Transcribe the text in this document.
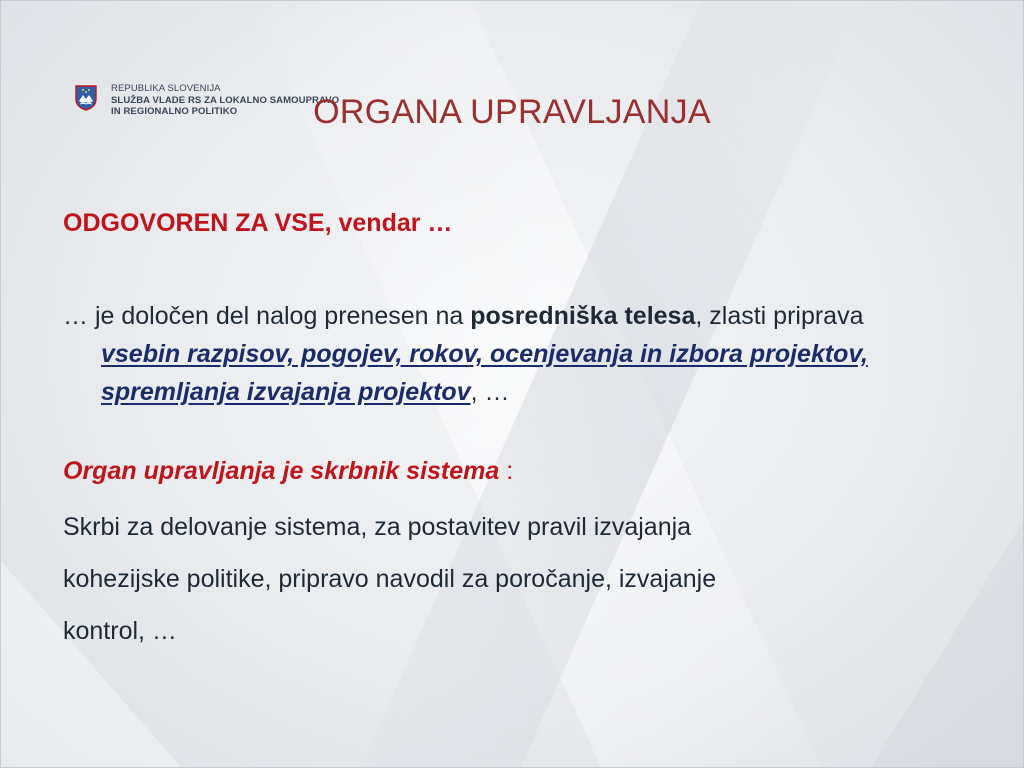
REPUBLIKA SLOVENIJA
SLUŽBA VLADE RS ZA LOKALNO SAMOUPRAVO
IN REGIONALNO POLITIKO	ORGANA UPRAVLJANJA

ODGOVOREN ZA VSE, vendar …

… je določen del nalog prenesen na posredniška telesa, zlasti priprava vsebin razpisov, pogojev, rokov, ocenjevanja in izbora projektov, spremljanja izvajanja projektov, …

Organ upravljanja je skrbnik sistema :

Skrbi za delovanje sistema, za postavitev pravil izvajanja
kohezijske politike, pripravo navodil za poročanje, izvajanje
kontrol, …
